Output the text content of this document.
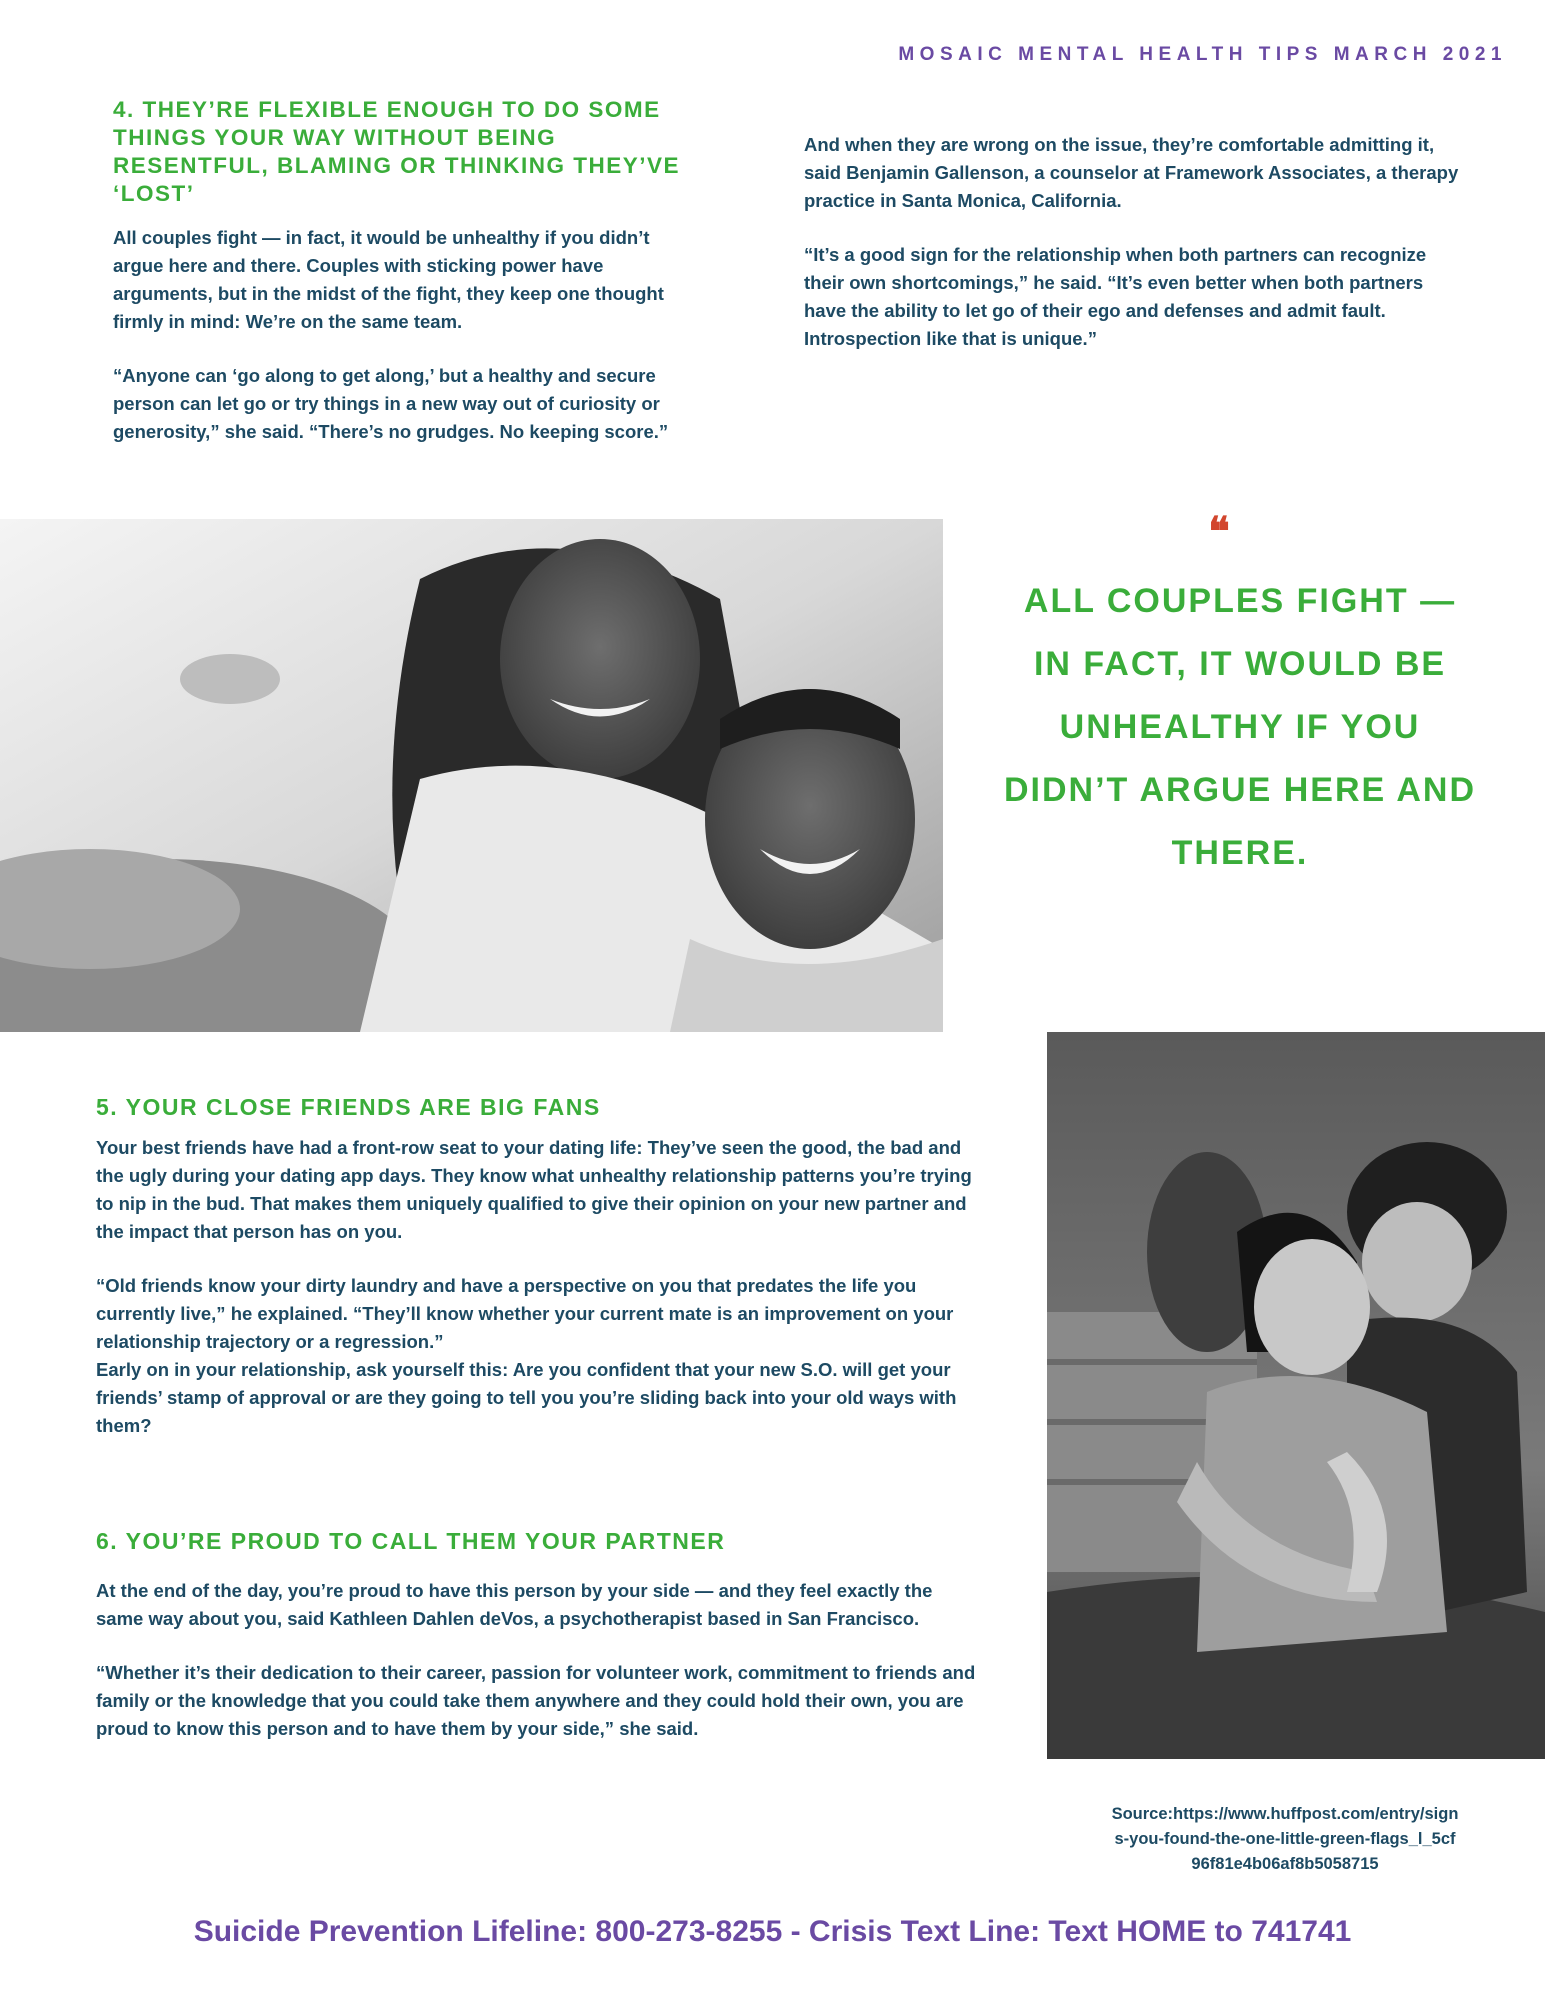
MOSAIC MENTAL HEALTH TIPS MARCH 2021
4. THEY’RE FLEXIBLE ENOUGH TO DO SOME THINGS YOUR WAY WITHOUT BEING RESENTFUL, BLAMING OR THINKING THEY’VE ‘LOST’

All couples fight — in fact, it would be unhealthy if you didn’t argue here and there. Couples with sticking power have arguments, but in the midst of the fight, they keep one thought firmly in mind: We’re on the same team.

“Anyone can ‘go along to get along,’ but a healthy and secure person can let go or try things in a new way out of curiosity or generosity,” she said. “There’s no grudges. No keeping score.”

And when they are wrong on the issue, they’re comfortable admitting it, said Benjamin Gallenson, a counselor at Framework Associates, a therapy practice in Santa Monica, California.

“It’s a good sign for the relationship when both partners can recognize their own shortcomings,” he said. “It’s even better when both partners have the ability to let go of their ego and defenses and admit fault. Introspection like that is unique.”

❝
ALL COUPLES FIGHT — IN FACT, IT WOULD BE UNHEALTHY IF YOU DIDN’T ARGUE HERE AND THERE.
5. YOUR CLOSE FRIENDS ARE BIG FANS

Your best friends have had a front-row seat to your dating life: They’ve seen the good, the bad and the ugly during your dating app days. They know what unhealthy relationship patterns you’re trying to nip in the bud. That makes them uniquely qualified to give their opinion on your new partner and the impact that person has on you.

“Old friends know your dirty laundry and have a perspective on you that predates the life you currently live,” he explained. “They’ll know whether your current mate is an improvement on your relationship trajectory or a regression.”

Early on in your relationship, ask yourself this: Are you confident that your new S.O. will get your friends’ stamp of approval or are they going to tell you you’re sliding back into your old ways with them?

6. YOU’RE PROUD TO CALL THEM YOUR PARTNER

At the end of the day, you’re proud to have this person by your side — and they feel exactly the same way about you, said Kathleen Dahlen deVos, a psychotherapist based in San Francisco.

“Whether it’s their dedication to their career, passion for volunteer work, commitment to friends and family or the knowledge that you could take them anywhere and they could hold their own, you are proud to know this person and to have them by your side,” she said.

Source:https://www.huffpost.com/entry/signs-you-found-the-one-little-green-flags_l_5cf96f81e4b06af8b5058715
Suicide Prevention Lifeline: 800-273-8255 - Crisis Text Line: Text HOME to 741741
